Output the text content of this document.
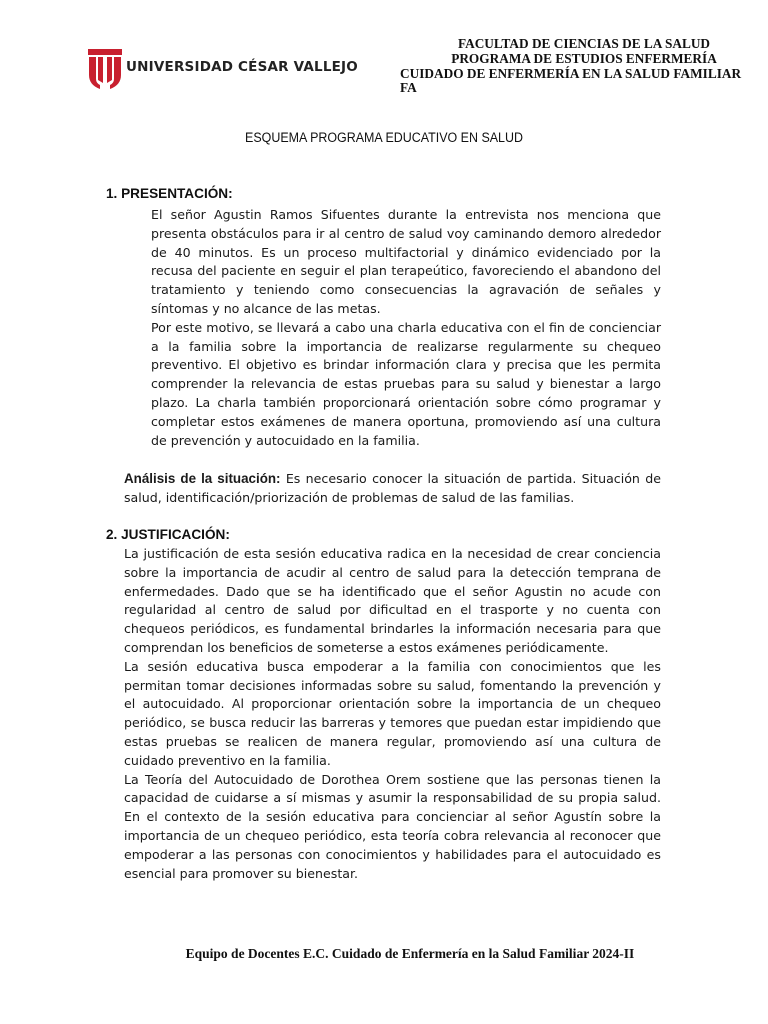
UNIVERSIDAD CÉSAR VALLEJO
FACULTAD DE CIENCIAS DE LA SALUD
PROGRAMA DE ESTUDIOS ENFERMERÍA
CUIDADO DE ENFERMERÍA EN LA SALUD FAMILIAR
FA
ESQUEMA PROGRAMA EDUCATIVO EN SALUD
1. PRESENTACIÓN:
El señor Agustin Ramos Sifuentes durante la entrevista nos menciona que presenta obstáculos para ir al centro de salud voy caminando demoro alrededor de 40 minutos. Es un proceso multifactorial y dinámico evidenciado por la recusa del paciente en seguir el plan terapeútico, favoreciendo el abandono del tratamiento y teniendo como consecuencias la agravación de señales y síntomas y no alcance de las metas.
Por este motivo, se llevará a cabo una charla educativa con el fin de concienciar a la familia sobre la importancia de realizarse regularmente su chequeo preventivo. El objetivo es brindar información clara y precisa que les permita comprender la relevancia de estas pruebas para su salud y bienestar a largo plazo. La charla también proporcionará orientación sobre cómo programar y completar estos exámenes de manera oportuna, promoviendo así una cultura de prevención y autocuidado en la familia.
Análisis de la situación: Es necesario conocer la situación de partida. Situación de salud, identificación/priorización de problemas de salud de las familias.
2. JUSTIFICACIÓN:
La justificación de esta sesión educativa radica en la necesidad de crear conciencia sobre la importancia de acudir al centro de salud para la detección temprana de enfermedades. Dado que se ha identificado que el señor Agustin no acude con regularidad al centro de salud por dificultad en el trasporte y no cuenta con chequeos periódicos, es fundamental brindarles la información necesaria para que comprendan los beneficios de someterse a estos exámenes periódicamente.
La sesión educativa busca empoderar a la familia con conocimientos que les permitan tomar decisiones informadas sobre su salud, fomentando la prevención y el autocuidado. Al proporcionar orientación sobre la importancia de un chequeo periódico, se busca reducir las barreras y temores que puedan estar impidiendo que estas pruebas se realicen de manera regular, promoviendo así una cultura de cuidado preventivo en la familia.
La Teoría del Autocuidado de Dorothea Orem sostiene que las personas tienen la capacidad de cuidarse a sí mismas y asumir la responsabilidad de su propia salud. En el contexto de la sesión educativa para concienciar al señor Agustín sobre la importancia de un chequeo periódico, esta teoría cobra relevancia al reconocer que empoderar a las personas con conocimientos y habilidades para el autocuidado es esencial para promover su bienestar.
Equipo de Docentes E.C. Cuidado de Enfermería en la Salud Familiar 2024-II
